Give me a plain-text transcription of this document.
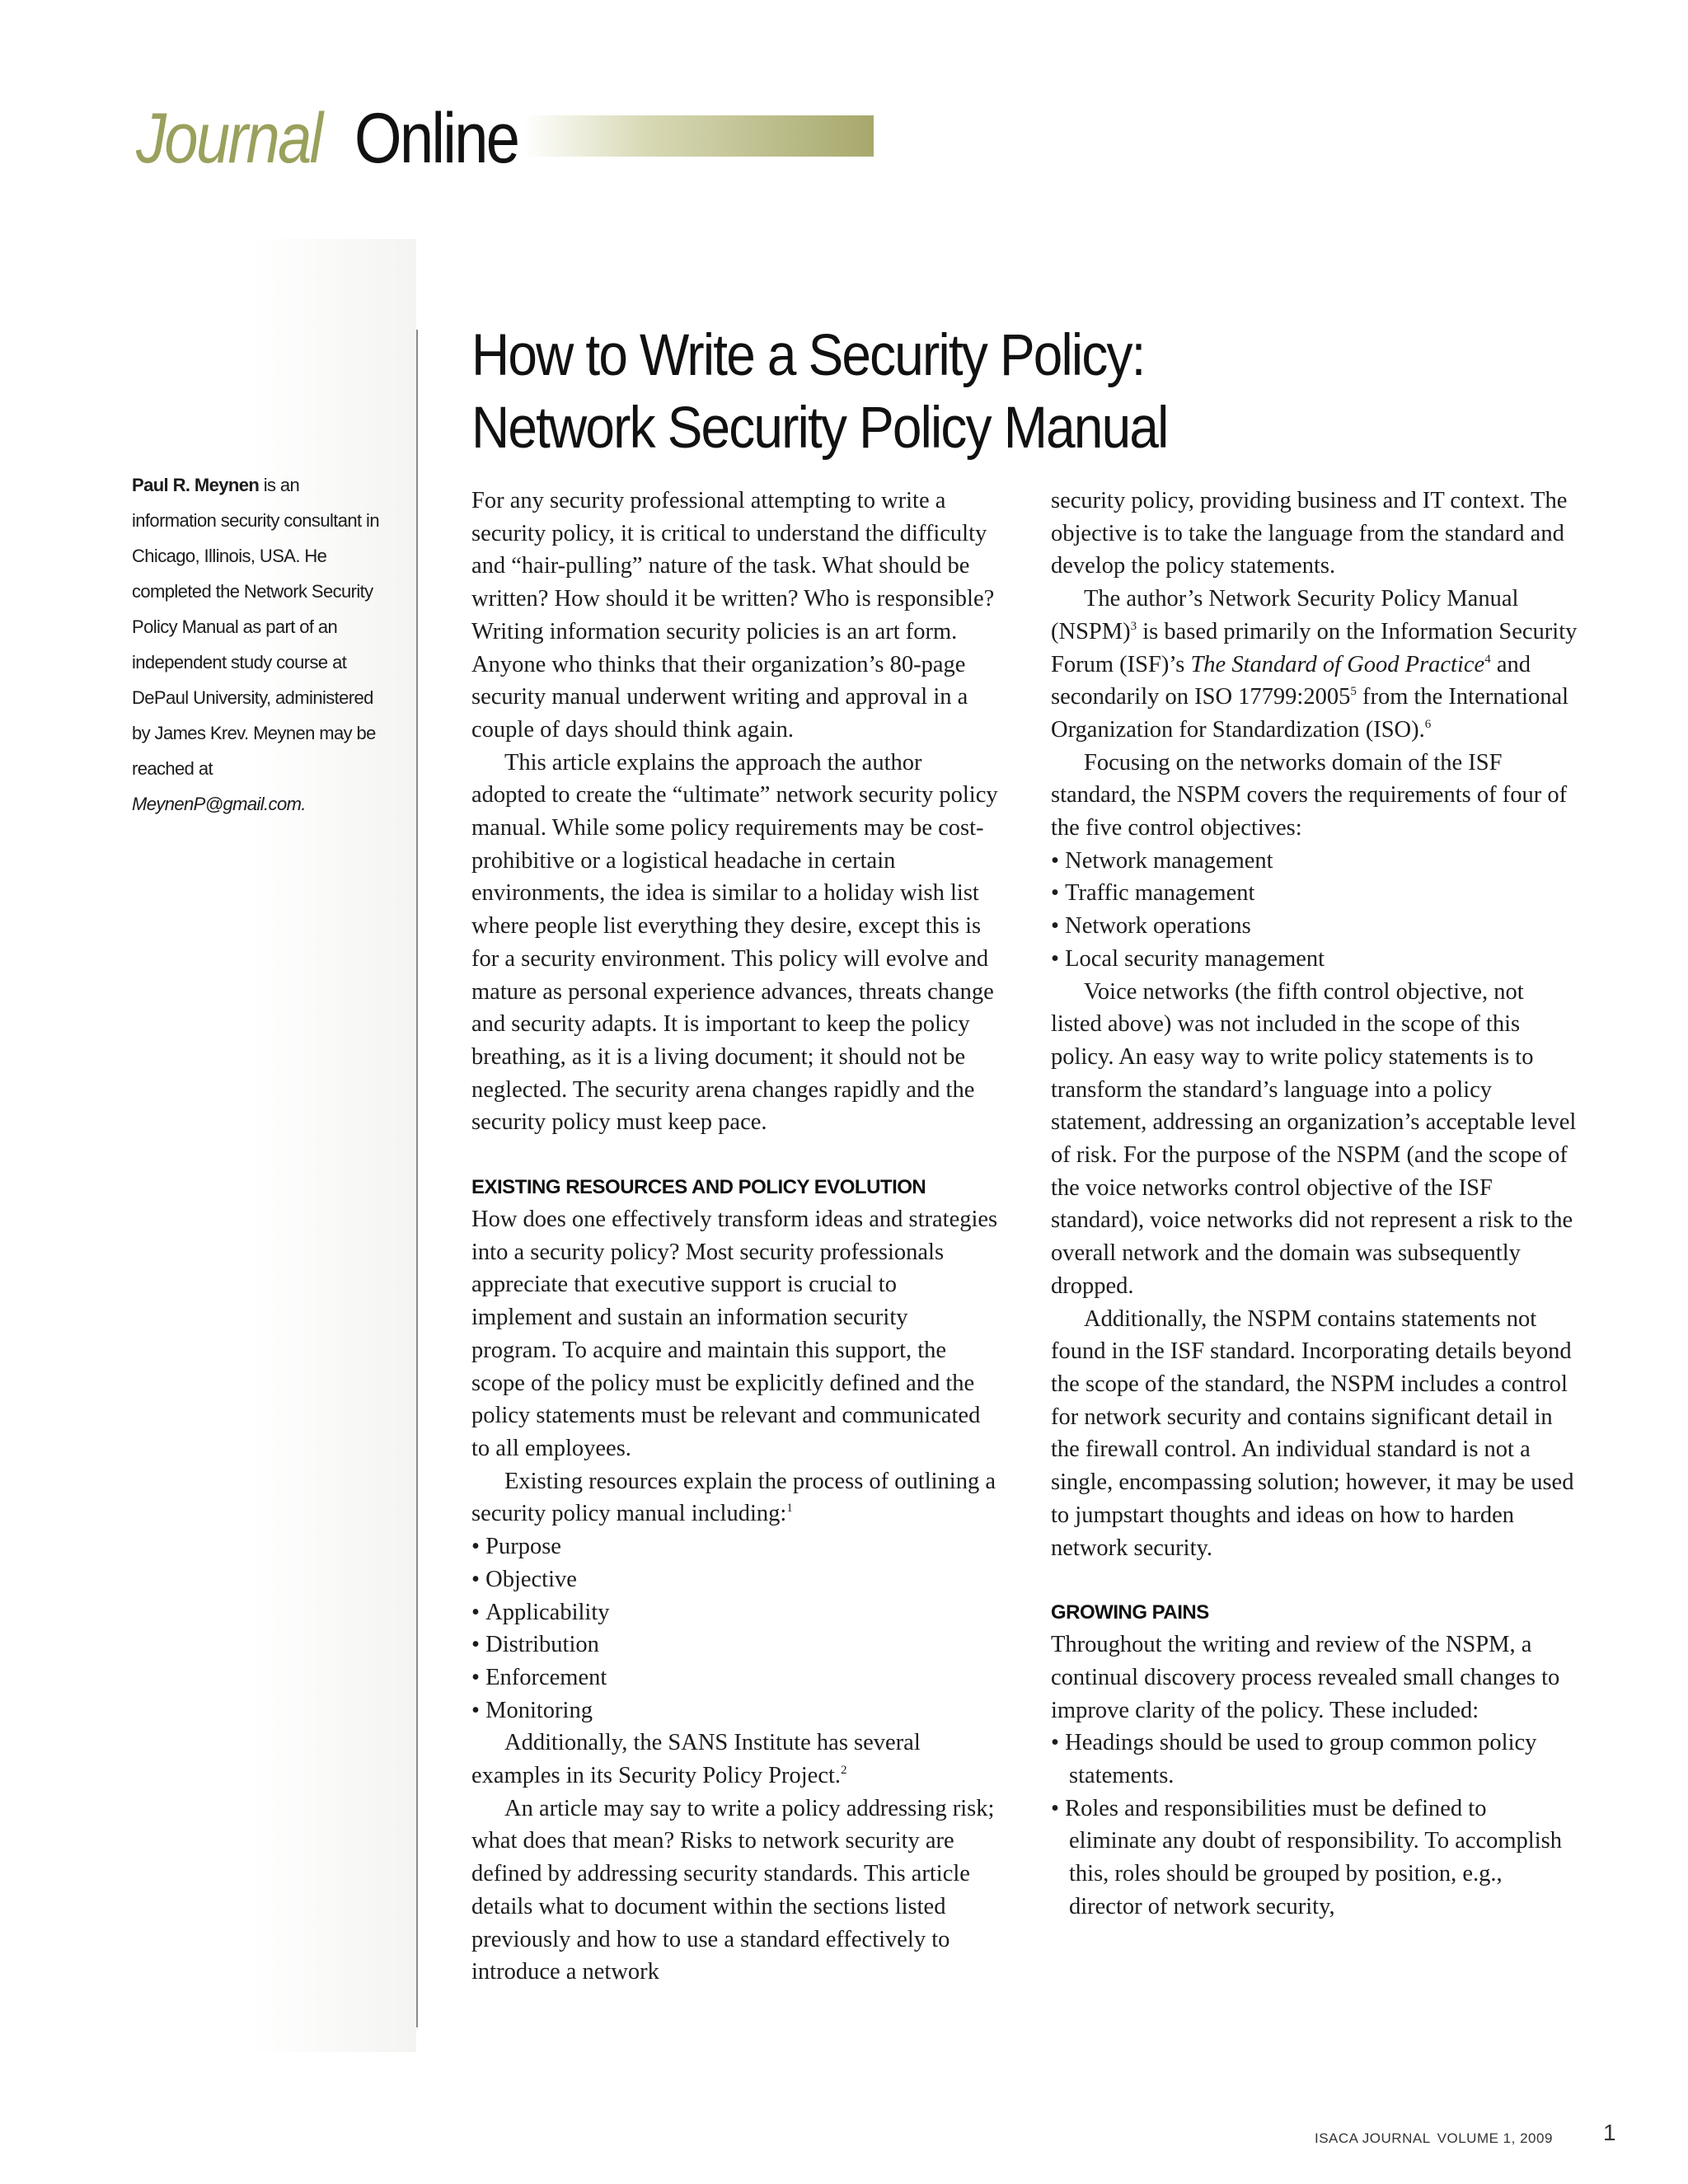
Journal Online
Paul R. Meynen is an information security consultant in Chicago, Illinois, USA. He completed the Network Security Policy Manual as part of an independent study course at DePaul University, administered by James Krev. Meynen may be reached at MeynenP@gmail.com.
How to Write a Security Policy:
Network Security Policy Manual

For any security professional attempting to write a security policy, it is critical to understand the difficulty and “hair-pulling” nature of the task. What should be written? How should it be written? Who is responsible? Writing information security policies is an art form. Anyone who thinks that their organization’s 80-page security manual underwent writing and approval in a couple of days should think again.

This article explains the approach the author adopted to create the “ultimate” network security policy manual. While some policy requirements may be cost-prohibitive or a logistical headache in certain environments, the idea is similar to a holiday wish list where people list everything they desire, except this is for a security environment. This policy will evolve and mature as personal experience advances, threats change and security adapts. It is important to keep the policy breathing, as it is a living document; it should not be neglected. The security arena changes rapidly and the security policy must keep pace.

EXISTING RESOURCES AND POLICY EVOLUTION

How does one effectively transform ideas and strategies into a security policy? Most security professionals appreciate that executive support is crucial to implement and sustain an information security program. To acquire and maintain this support, the scope of the policy must be explicitly defined and the policy statements must be relevant and communicated to all employees.

Existing resources explain the process of outlining a security policy manual including:$^1$

• Purpose
• Objective
• Applicability
• Distribution
• Enforcement
• Monitoring

Additionally, the SANS Institute has several examples in its Security Policy Project.$^2$

An article may say to write a policy addressing risk; what does that mean? Risks to network security are defined by addressing security standards. This article details what to document within the sections listed previously and how to use a standard effectively to introduce a network

security policy, providing business and IT context. The objective is to take the language from the standard and develop the policy statements.

The author’s Network Security Policy Manual (NSPM)$^3$ is based primarily on the Information Security Forum (ISF)’s The Standard of Good Practice$^4$ and secondarily on ISO 17799:2005$^5$ from the International Organization for Standardization (ISO).$^6$

Focusing on the networks domain of the ISF standard, the NSPM covers the requirements of four of the five control objectives:

• Network management
• Traffic management
• Network operations
• Local security management

Voice networks (the fifth control objective, not listed above) was not included in the scope of this policy. An easy way to write policy statements is to transform the standard’s language into a policy statement, addressing an organization’s acceptable level of risk. For the purpose of the NSPM (and the scope of the voice networks control objective of the ISF standard), voice networks did not represent a risk to the overall network and the domain was subsequently dropped.

Additionally, the NSPM contains statements not found in the ISF standard. Incorporating details beyond the scope of the standard, the NSPM includes a control for network security and contains significant detail in the firewall control. An individual standard is not a single, encompassing solution; however, it may be used to jumpstart thoughts and ideas on how to harden network security.

GROWING PAINS

Throughout the writing and review of the NSPM, a continual discovery process revealed small changes to improve clarity of the policy. These included:

• Headings should be used to group common policy statements.
• Roles and responsibilities must be defined to eliminate any doubt of responsibility. To accomplish this, roles should be grouped by position, e.g., director of network security,
ISACA JOURNAL VOLUME 1, 2009 1
